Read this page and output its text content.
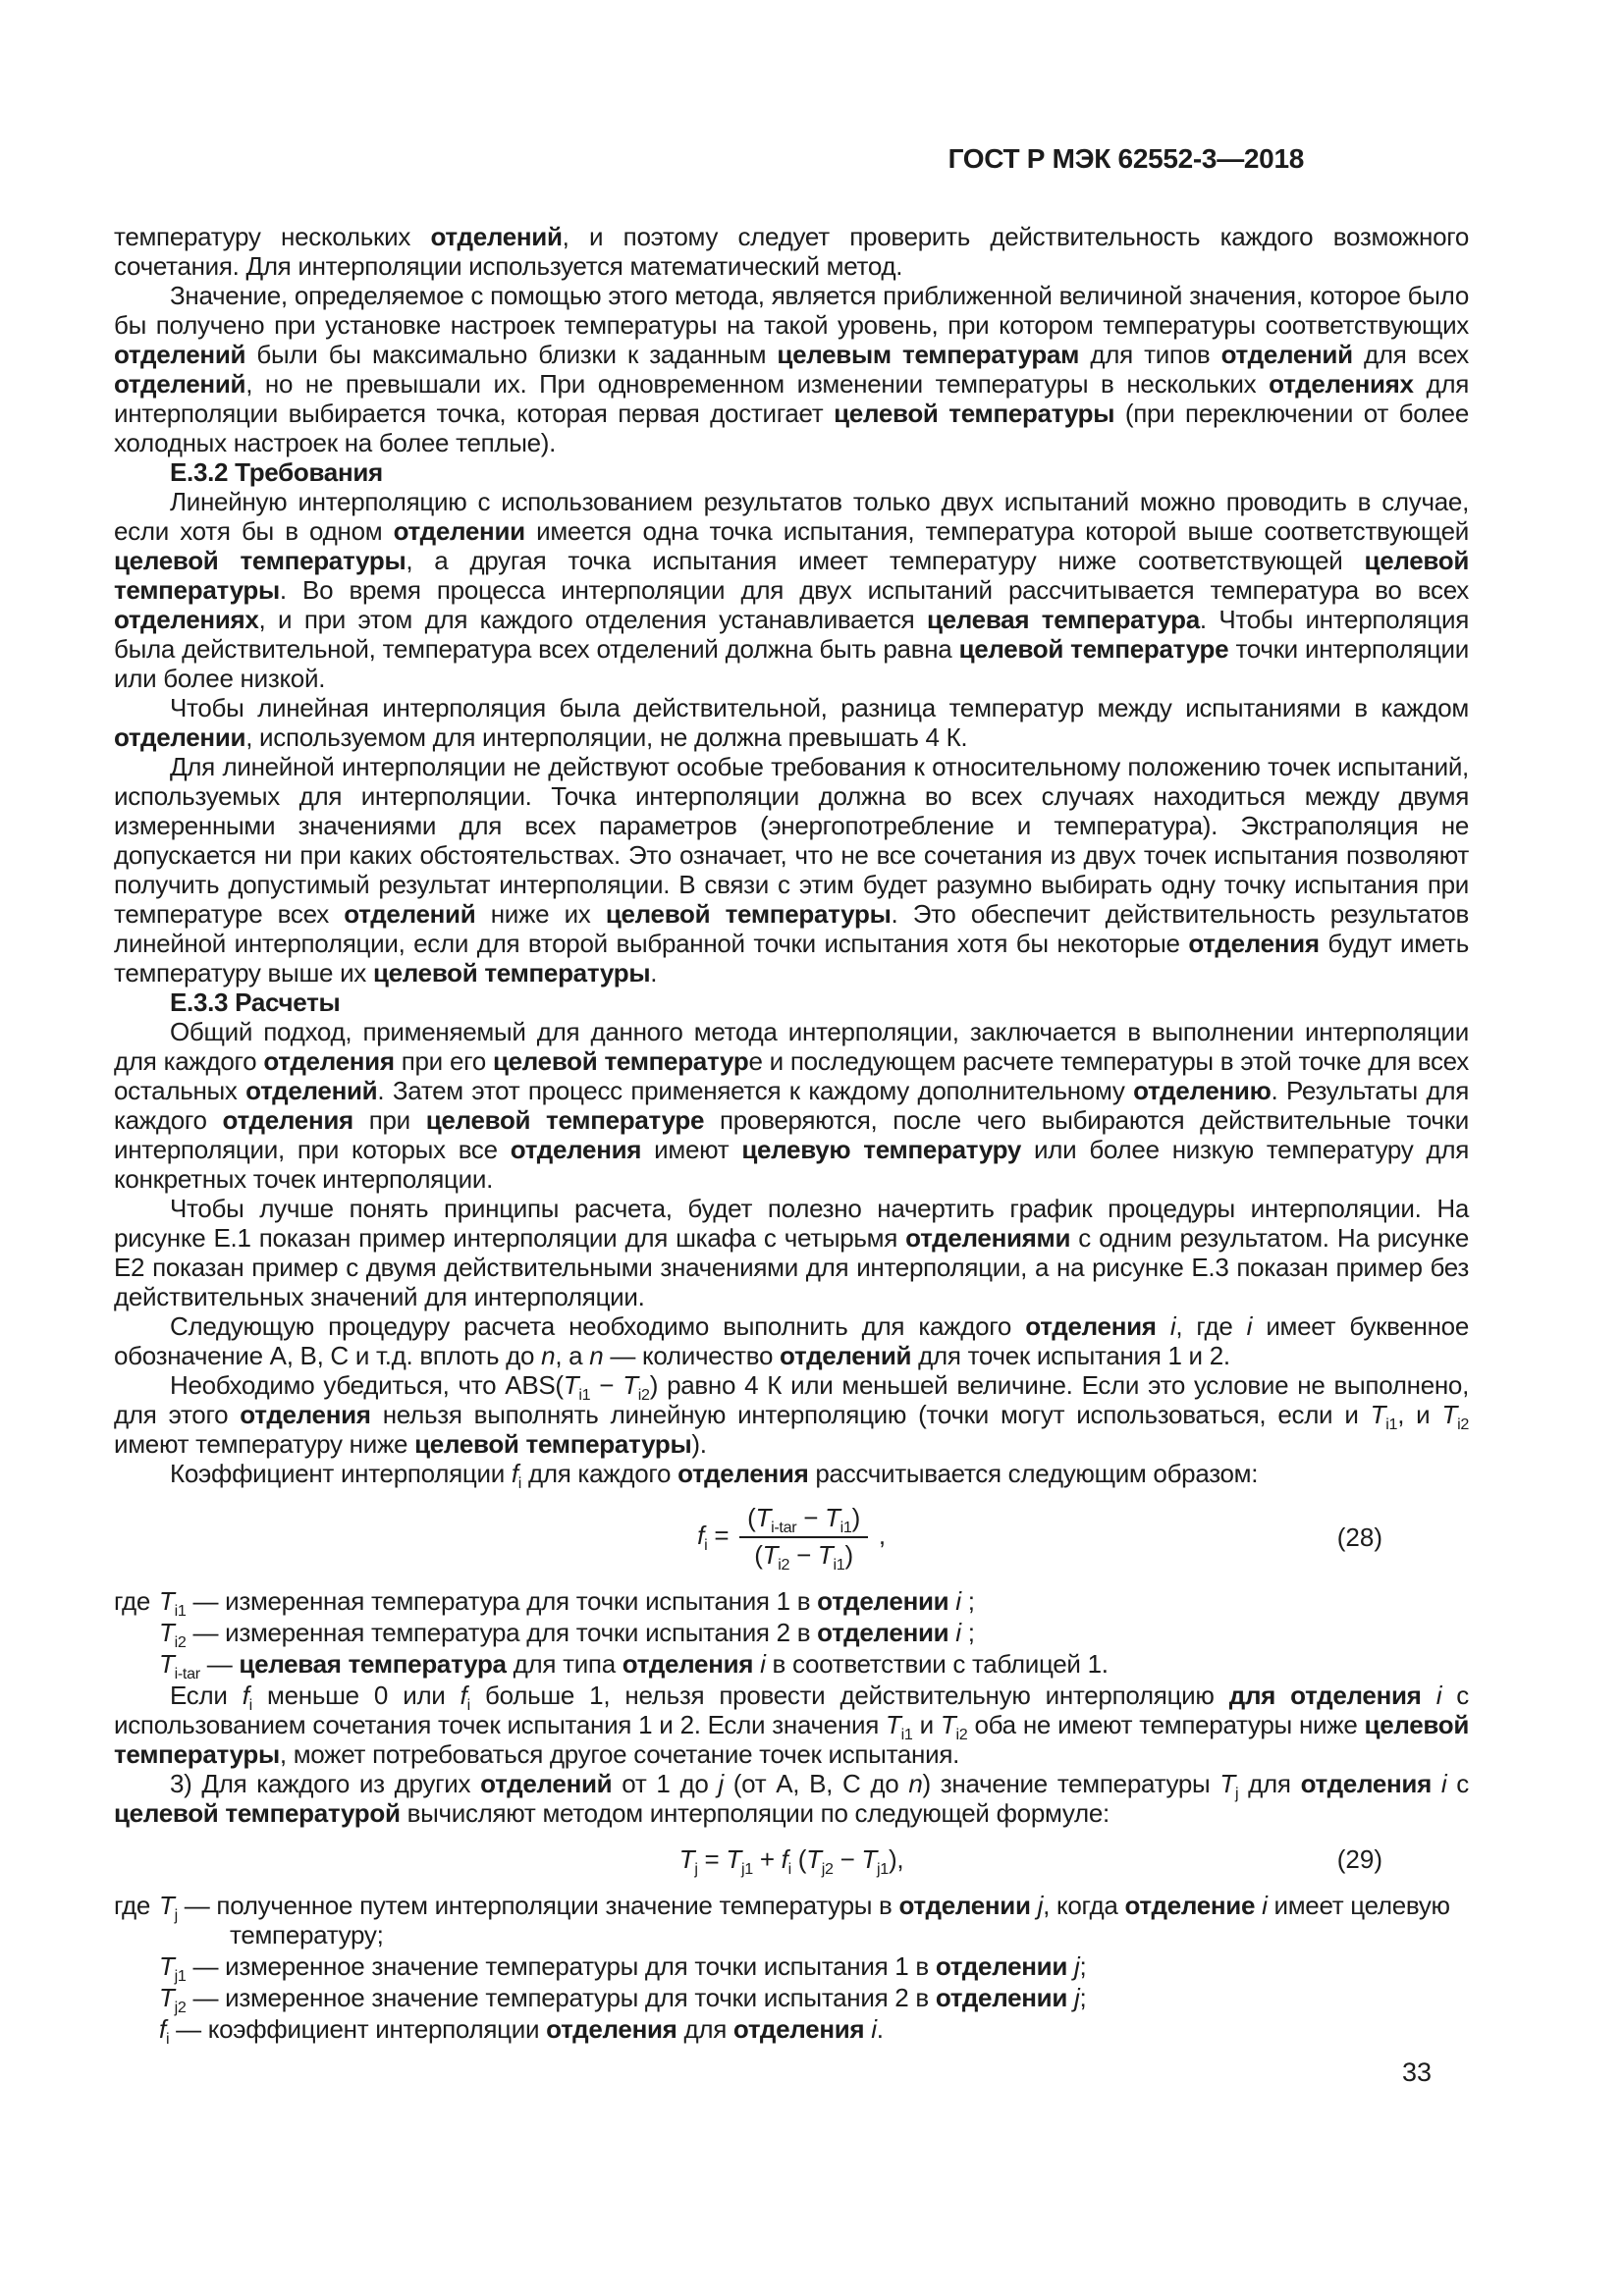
ГОСТ Р МЭК 62552-3—2018
температуру нескольких отделений, и поэтому следует проверить действительность каждого возможного сочетания. Для интерполяции используется математический метод.
Значение, определяемое с помощью этого метода, является приближенной величиной значения, которое было бы получено при установке настроек температуры на такой уровень, при котором температуры соответствующих отделений были бы максимально близки к заданным целевым температурам для типов отделений для всех отделений, но не превышали их. При одновременном изменении температуры в нескольких отделениях для интерполяции выбирается точка, которая первая достигает целевой температуры (при переключении от более холодных настроек на более теплые).
Е.3.2 Требования
Линейную интерполяцию с использованием результатов только двух испытаний можно проводить в случае, если хотя бы в одном отделении имеется одна точка испытания, температура которой выше соответствующей целевой температуры, а другая точка испытания имеет температуру ниже соответствующей целевой температуры. Во время процесса интерполяции для двух испытаний рассчитывается температура во всех отделениях, и при этом для каждого отделения устанавливается целевая температура. Чтобы интерполяция была действительной, температура всех отделений должна быть равна целевой температуре точки интерполяции или более низкой.
Чтобы линейная интерполяция была действительной, разница температур между испытаниями в каждом отделении, используемом для интерполяции, не должна превышать 4 К.
Для линейной интерполяции не действуют особые требования к относительному положению точек испытаний, используемых для интерполяции. Точка интерполяции должна во всех случаях находиться между двумя измеренными значениями для всех параметров (энергопотребление и температура). Экстраполяция не допускается ни при каких обстоятельствах. Это означает, что не все сочетания из двух точек испытания позволяют получить допустимый результат интерполяции. В связи с этим будет разумно выбирать одну точку испытания при температуре всех отделений ниже их целевой температуры. Это обеспечит действительность результатов линейной интерполяции, если для второй выбранной точки испытания хотя бы некоторые отделения будут иметь температуру выше их целевой температуры.
Е.3.3 Расчеты
Общий подход, применяемый для данного метода интерполяции, заключается в выполнении интерполяции для каждого отделения при его целевой температуре и последующем расчете температуры в этой точке для всех остальных отделений. Затем этот процесс применяется к каждому дополнительному отделению. Результаты для каждого отделения при целевой температуре проверяются, после чего выбираются действительные точки интерполяции, при которых все отделения имеют целевую температуру или более низкую температуру для конкретных точек интерполяции.
Чтобы лучше понять принципы расчета, будет полезно начертить график процедуры интерполяции. На рисунке Е.1 показан пример интерполяции для шкафа с четырьмя отделениями с одним результатом. На рисунке Е2 показан пример с двумя действительными значениями для интерполяции, а на рисунке Е.3 показан пример без действительных значений для интерполяции.
Следующую процедуру расчета необходимо выполнить для каждого отделения i, где i имеет буквенное обозначение А, В, С и т.д. вплоть до n, а n — количество отделений для точек испытания 1 и 2.
Необходимо убедиться, что $ABS(T_{i1} - T_{i2})$ равно 4 К или меньшей величине. Если это условие не выполнено, для этого отделения нельзя выполнять линейную интерполяцию (точки могут использоваться, если и $T_{i1}$, и $T_{i2}$ имеют температуру ниже целевой температуры).
Коэффициент интерполяции $f_i$ для каждого отделения рассчитывается следующим образом:
$f_i = \frac{(T_{i-tar} - T_{i1})}{(T_{i2} - T_{i1})}$ ,	(28)
где $T_{i1}$ — измеренная температура для точки испытания 1 в отделении i ;
$T_{i2}$ — измеренная температура для точки испытания 2 в отделении i ;
$T_{i-tar}$ — целевая температура для типа отделения i в соответствии с таблицей 1.
Если $f_i$ меньше 0 или $f_i$ больше 1, нельзя провести действительную интерполяцию для отделения i с использованием сочетания точек испытания 1 и 2. Если значения $T_{i1}$ и $T_{i2}$ оба не имеют температуры ниже целевой температуры, может потребоваться другое сочетание точек испытания.
3) Для каждого из других отделений от 1 до j (от А, В, С до n) значение температуры $T_j$ для отделения i с целевой температурой вычисляют методом интерполяции по следующей формуле:
$T_j = T_{j1} + f_i$ $(T_{j2} - T_{j1})$,	(29)
где $T_j$ — полученное путем интерполяции значение температуры в отделении j, когда отделение i имеет целевую температуру;
$T_{j1}$ — измеренное значение температуры для точки испытания 1 в отделении j;
$T_{j2}$ — измеренное значение температуры для точки испытания 2 в отделении j;
$f_i$ — коэффициент интерполяции отделения для отделения i.
33
